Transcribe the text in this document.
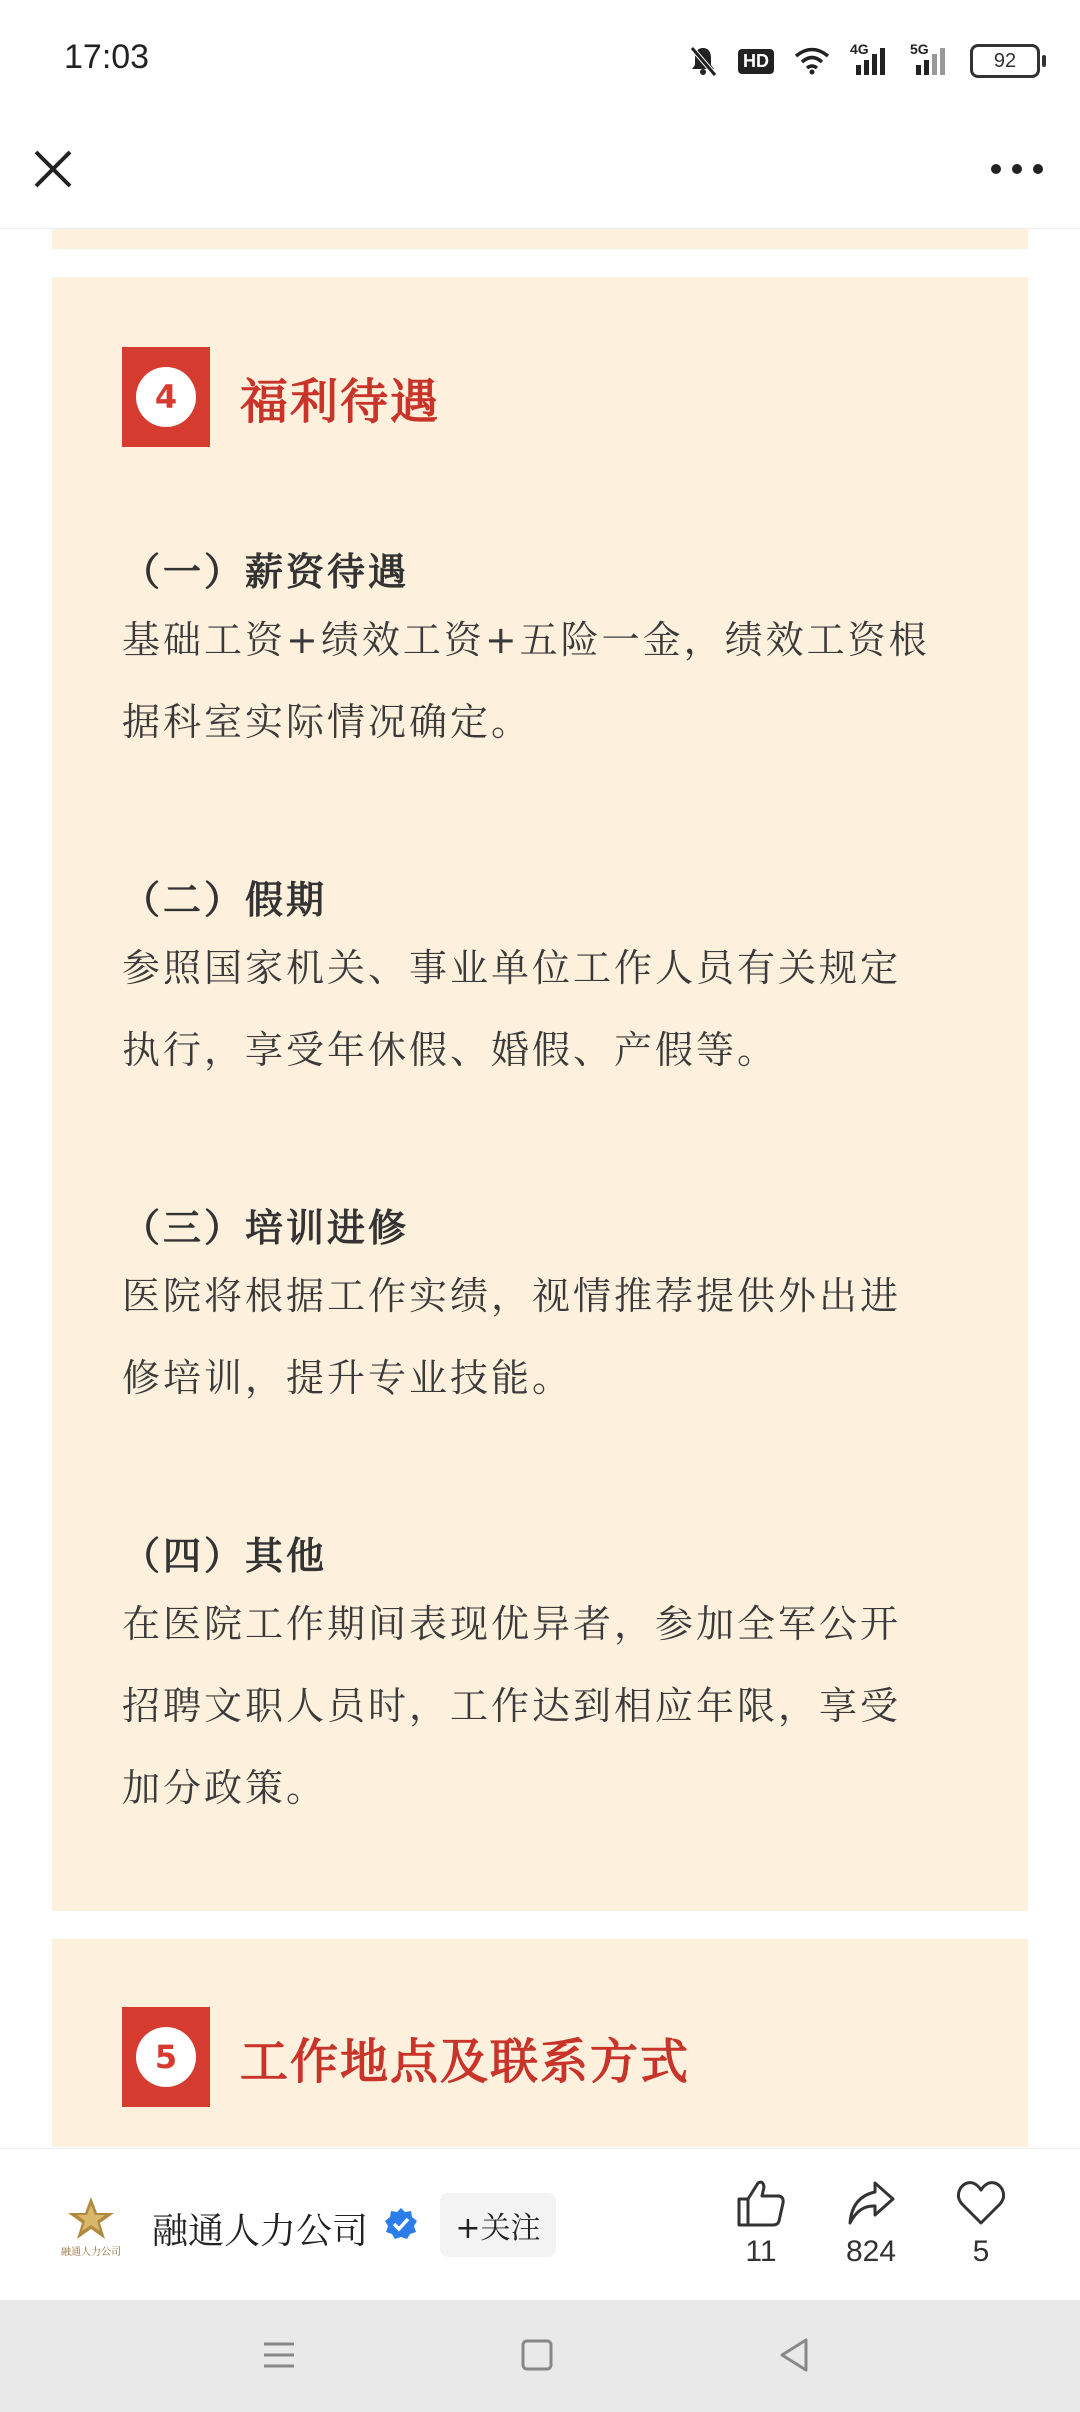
17:03	HD
4G	5G
92
4	福利待遇
（一）薪资待遇
基础工资+绩效工资+五险一金，绩效工资根
据科室实际情况确定。
（二）假期
参照国家机关、事业单位工作人员有关规定
执行，享受年休假、婚假、产假等。
（三）培训进修
医院将根据工作实绩，视情推荐提供外出进
修培训，提升专业技能。
（四）其他
在医院工作期间表现优异者，参加全军公开
招聘文职人员时，工作达到相应年限，享受
加分政策。
5	工作地点及联系方式
融通人力公司
融通人力公司	+关注
11	824	5
